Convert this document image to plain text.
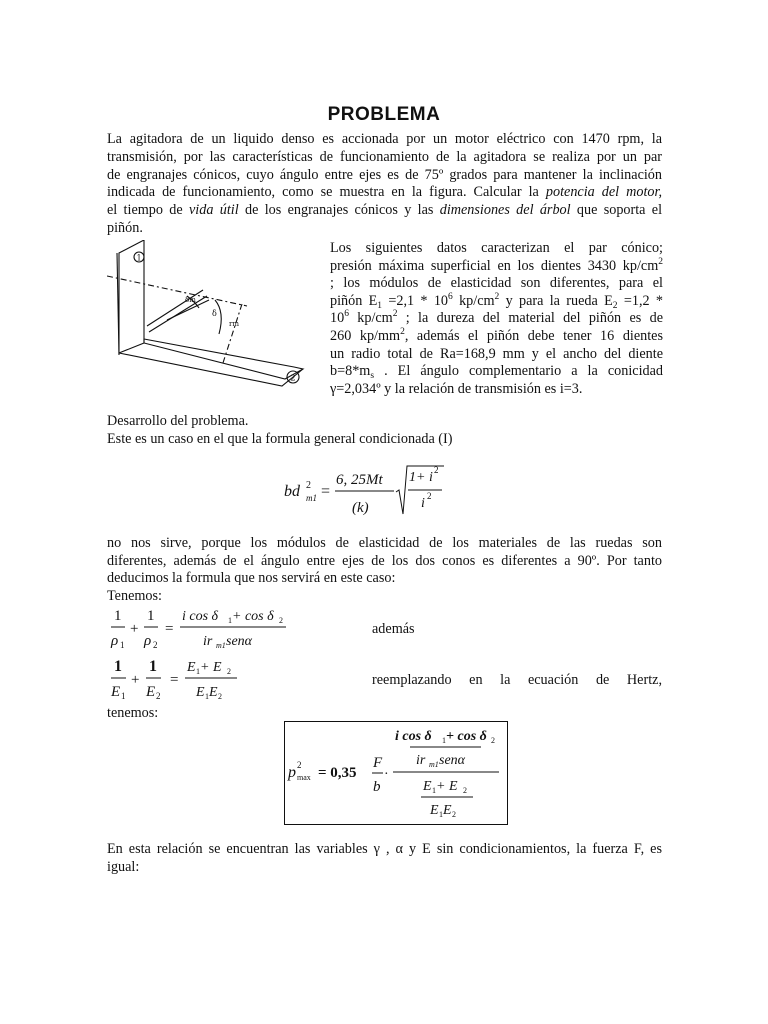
PROBLEMA
La agitadora de un liquido denso es accionada por un motor eléctrico con 1470 rpm, la
transmisión, por las características de funcionamiento de la agitadora se realiza por un par
de engranajes cónicos, cuyo ángulo entre ejes es de 75º grados para mantener la inclinación
indicada de funcionamiento, como se muestra en la figura. Calcular la potencia del motor,
el tiempo de vida útil de los engranajes cónicos y las dimensiones del árbol que soporta el
piñón.
1
2
δ
δm
rm
Los siguientes datos caracterizan el par cónico;
presión máxima superficial en los dientes 3430 $kp/cm^2$
; los módulos de elasticidad son diferentes, para el
piñón $E_1 =2,1 * 10^6$ $kp/cm^2$ y para la rueda $E_2 =1,2$ *
$10^6$ $kp/cm^2$ ; la dureza del material del piñón es de
260 $kp/mm^2$, además el piñón debe tener 16 dientes
un radio total de Ra=168,9 mm y el ancho del diente
$b=8*m_s$ . El ángulo complementario a la conicidad
γ=2,034º y la relación de transmisión es i=3.
Desarrollo del problema.
Este es un caso en el que la formula general condicionada (I)
bd 2
m1 =
6, 25Mt
(k)
1+ i 2
i 2
no nos sirve, porque los módulos de elasticidad de los materiales de las ruedas son
diferentes, además de el ángulo entre ejes de los dos conos es diferentes a 90º. Por tanto
deducimos la formula que nos servirá en este caso:
Tenemos:
1
ρ 1
+
1
ρ 2
=
i cos δ 1 + cos δ 2
ir m1 senα
además
1
E 1
+
1
E 2
=
E 1 + E 2
E 1 E 2
reemplazando en la ecuación de Hertz,
tenemos:
p 2
max = 0,35
F
b
·
i cos δ 1 + cos δ 2
ir m1 senα
E 1 + E 2
E 1 E 2
En esta relación se encuentran las variables γ , α y E sin condicionamientos, la fuerza F, es
igual:
